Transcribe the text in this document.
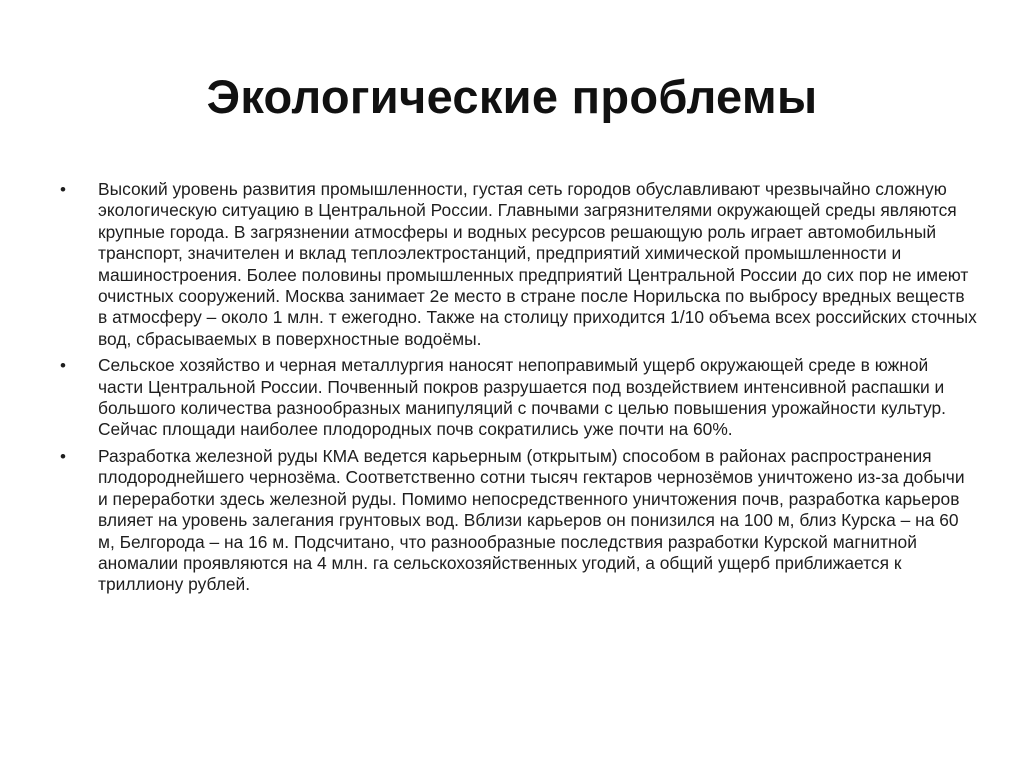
Экологические проблемы
• Высокий уровень развития промышленности, густая сеть городов обуславливают чрезвычайно сложную экологическую ситуацию в Центральной России. Главными загрязнителями окружающей среды являются крупные города. В загрязнении атмосферы и водных ресурсов решающую роль играет автомобильный транспорт, значителен и вклад теплоэлектростанций, предприятий химической промышленности и машиностроения. Более половины промышленных предприятий Центральной России до сих пор не имеют очистных сооружений. Москва занимает 2е место в стране после Норильска по выбросу вредных веществ в атмосферу – около 1 млн. т ежегодно. Также на столицу приходится 1/10 объема всех российских сточных вод, сбрасываемых в поверхностные водоёмы.
• Сельское хозяйство и черная металлургия наносят непоправимый ущерб окружающей среде в южной части Центральной России. Почвенный покров разрушается под воздействием интенсивной распашки и большого количества разнообразных манипуляций с почвами с целью повышения урожайности культур. Сейчас площади наиболее плодородных почв сократились уже почти на 60%.
• Разработка железной руды КМА ведется карьерным (открытым) способом в районах распространения плодороднейшего чернозёма. Соответственно сотни тысяч гектаров чернозёмов уничтожено из-за добычи и переработки здесь железной руды. Помимо непосредственного уничтожения почв, разработка карьеров влияет на уровень залегания грунтовых вод. Вблизи карьеров он понизился на 100 м, близ Курска – на 60 м, Белгорода – на 16 м. Подсчитано, что разнообразные последствия разработки Курской магнитной аномалии проявляются на 4 млн. га сельскохозяйственных угодий, а общий ущерб приближается к триллиону рублей.
